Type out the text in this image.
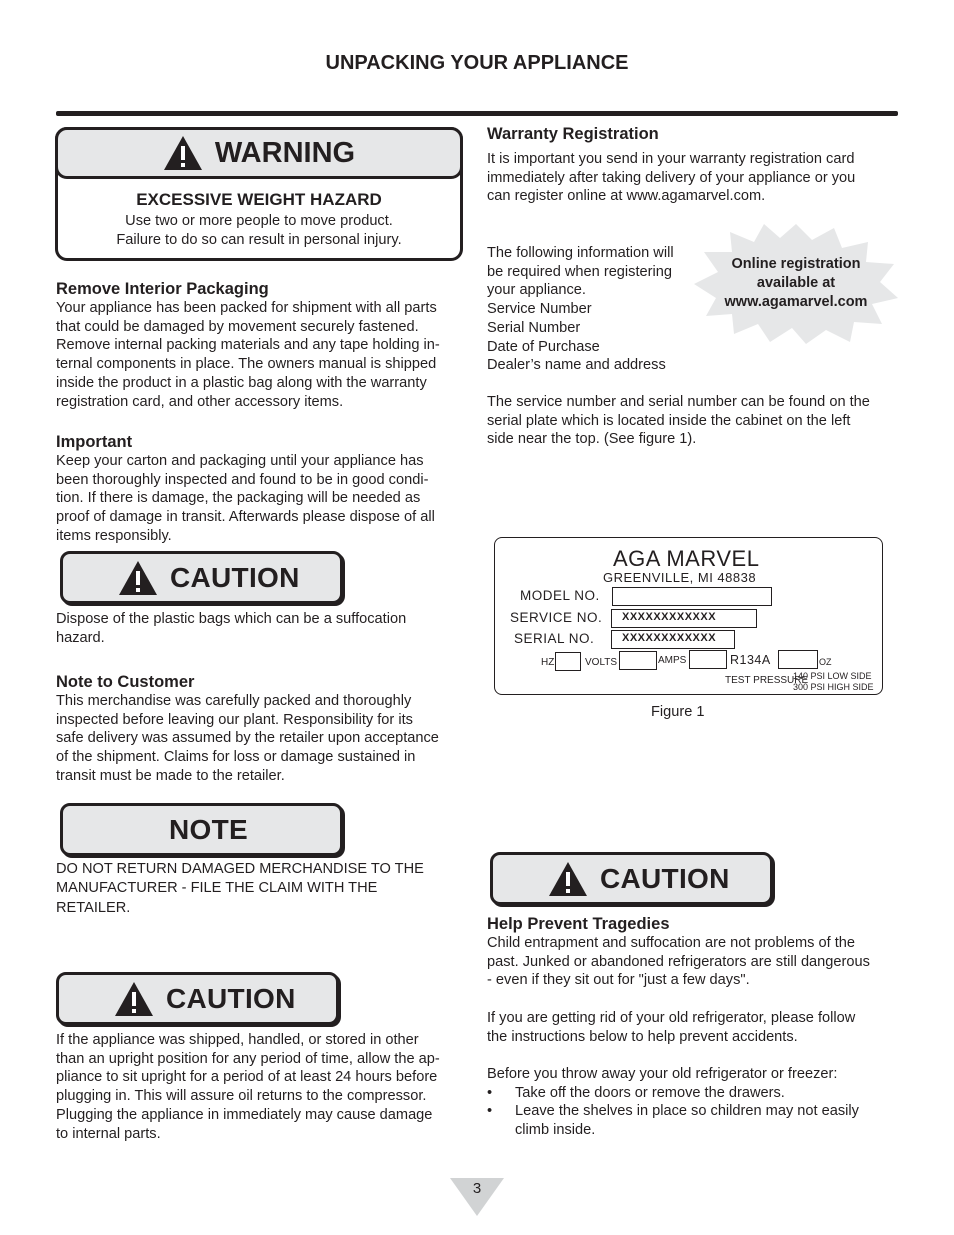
UNPACKING YOUR APPLIANCE
WARNING
EXCESSIVE WEIGHT HAZARD
Use two or more people to move product.
Failure to do so can result in personal injury.

Remove Interior Packaging

Your appliance has been packed for shipment with all parts

that could be damaged by movement securely fastened.

Remove internal packing materials and any tape holding in-

ternal components in place. The owners manual is shipped

inside the product in a plastic bag along with the warranty

registration card, and other accessory items.

Important

Keep your carton and packaging until your appliance has

been thoroughly inspected and found to be in good condi-

tion. If there is damage, the packaging will be needed as

proof of damage in transit. Afterwards please dispose of all

items responsibly.

CAUTION

Dispose of the plastic bags which can be a suffocation

hazard.

Note to Customer

This merchandise was carefully packed and thoroughly

inspected before leaving our plant. Responsibility for its

safe delivery was assumed by the retailer upon acceptance

of the shipment. Claims for loss or damage sustained in

transit must be made to the retailer.

NOTE

DO NOT RETURN DAMAGED MERCHANDISE TO THE

MANUFACTURER - FILE THE CLAIM WITH THE

RETAILER.

CAUTION

If the appliance was shipped, handled, or stored in other

than an upright position for any period of time, allow the ap-

pliance to sit upright for a period of at least 24 hours before

plugging in. This will assure oil returns to the compressor.

Plugging the appliance in immediately may cause damage

to internal parts.

Warranty Registration

It is important you send in your warranty registration card

immediately after taking delivery of your appliance or you

can register online at www.agamarvel.com.

The following information will

be required when registering

your appliance.

Service Number

Serial Number

Date of Purchase

Dealer’s name and address

Online registration
available at
www.agamarvel.com

The service number and serial number can be found on the

serial plate which is located inside the cabinet on the left

side near the top. (See figure 1).

AGA MARVEL
GREENVILLE, MI 48838
MODEL NO.
SERVICE NO.	XXXXXXXXXXXX
SERIAL NO.	XXXXXXXXXXXX
HZ	VOLTS	AMPS	R134A	OZ
TEST PRESSURE
140 PSI LOW SIDE
300 PSI HIGH SIDE
Figure 1
CAUTION

Help Prevent Tragedies

Child entrapment and suffocation are not problems of the

past. Junked or abandoned refrigerators are still dangerous

- even if they sit out for "just a few days".

If you are getting rid of your old refrigerator, please follow

the instructions below to help prevent accidents.

Before you throw away your old refrigerator or freezer:

• Take off the doors or remove the drawers.
• Leave the shelves in place so children may not easily
climb inside.
3
